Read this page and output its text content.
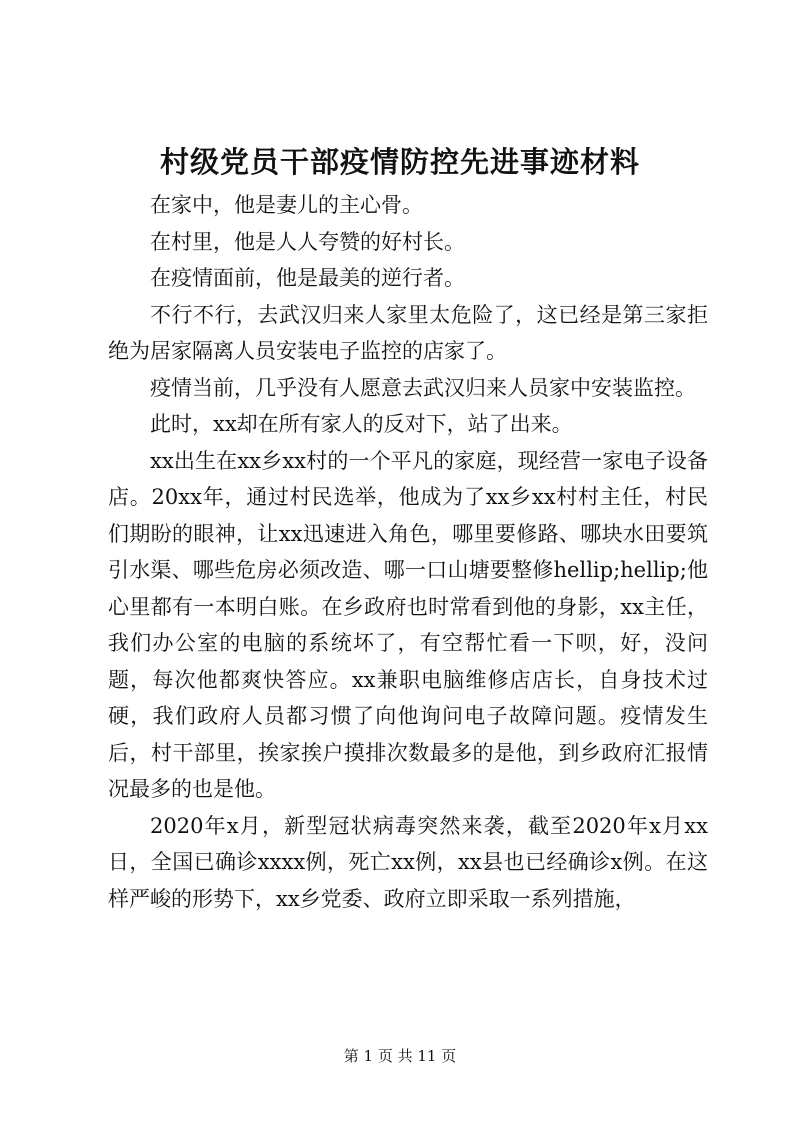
村级党员干部疫情防控先进事迹材料

在家中，他是妻儿的主心骨。

在村里，他是人人夸赞的好村长。

在疫情面前，他是最美的逆行者。

不行不行，去武汉归来人家里太危险了，这已经是第三家拒绝为居家隔离人员安装电子监控的店家了。

疫情当前，几乎没有人愿意去武汉归来人员家中安装监控。

此时，xx却在所有家人的反对下，站了出来。

xx出生在xx乡xx村的一个平凡的家庭，现经营一家电子设备店。20xx年，通过村民选举，他成为了xx乡xx村村主任，村民们期盼的眼神，让xx迅速进入角色，哪里要修路、哪块水田要筑引水渠、哪些危房必须改造、哪一口山塘要整修hellip;hellip;他心里都有一本明白账。在乡政府也时常看到他的身影，xx主任，我们办公室的电脑的系统坏了，有空帮忙看一下呗，好，没问题，每次他都爽快答应。xx兼职电脑维修店店长，自身技术过硬，我们政府人员都习惯了向他询问电子故障问题。疫情发生后，村干部里，挨家挨户摸排次数最多的是他，到乡政府汇报情况最多的也是他。

2020年x月，新型冠状病毒突然来袭，截至2020年x月xx日，全国已确诊xxxx例，死亡xx例，xx县也已经确诊x例。在这样严峻的形势下，xx乡党委、政府立即采取一系列措施，

第 1 页 共 11 页
